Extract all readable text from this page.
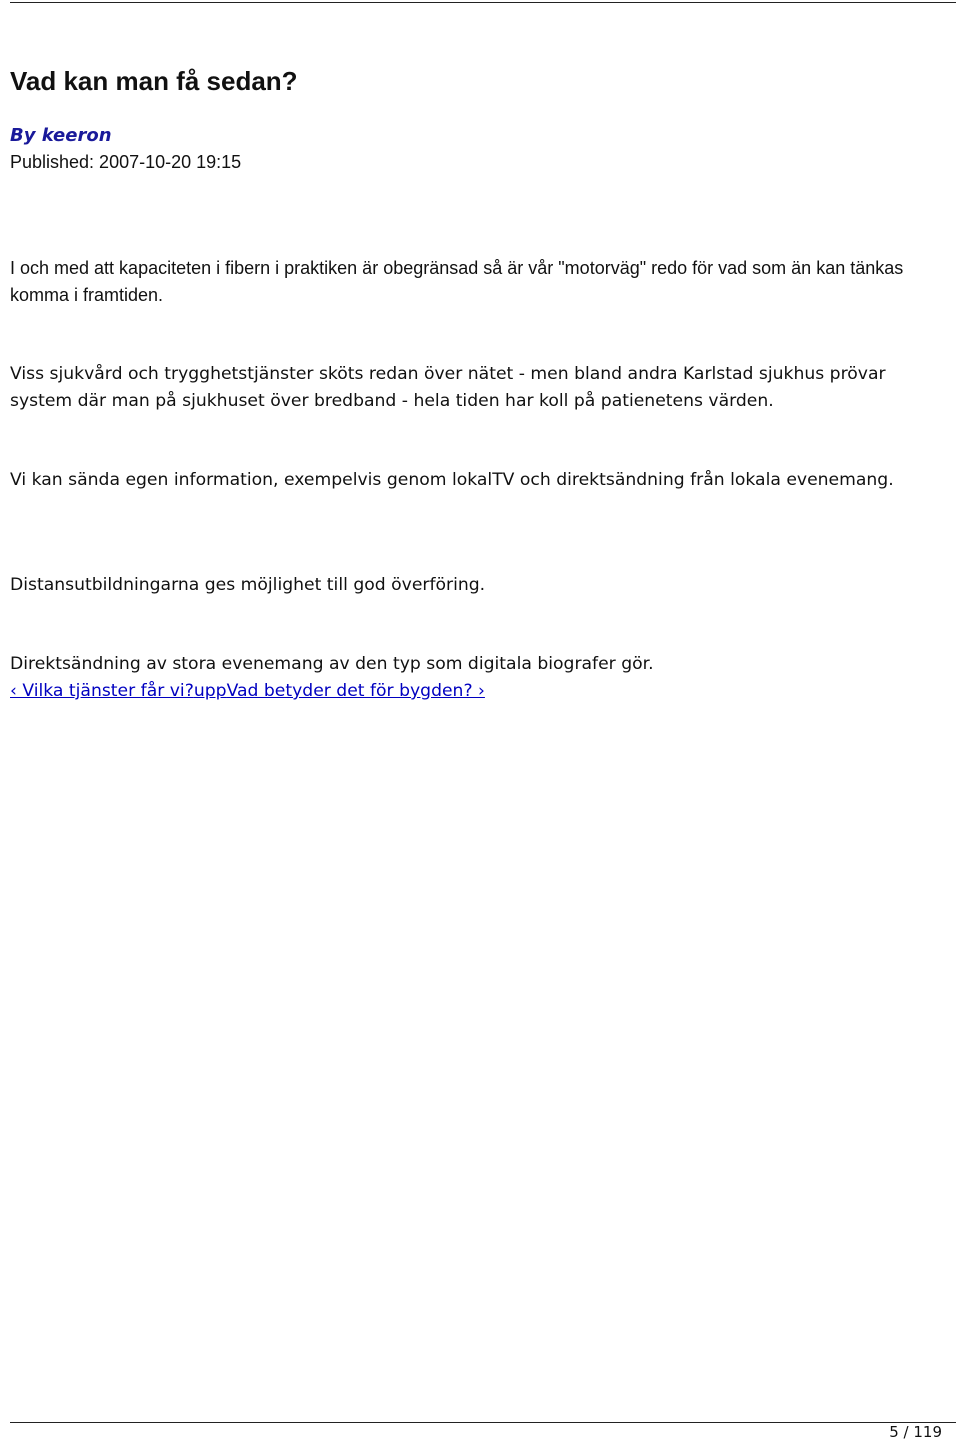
Vad kan man få sedan?
By keeron
Published: 2007-10-20 19:15

I och med att kapaciteten i fibern i praktiken är obegränsad så är vår "motorväg" redo för vad som än kan tänkas komma i framtiden.

Viss sjukvård och trygghetstjänster sköts redan över nätet - men bland andra Karlstad sjukhus prövar system där man på sjukhuset över bredband - hela tiden har koll på patienetens värden.

Vi kan sända egen information, exempelvis genom lokalTV och direktsändning från lokala evenemang.

Distansutbildningarna ges möjlighet till god överföring.

Direktsändning av stora evenemang av den typ som digitala biografer gör.

‹ Vilka tjänster får vi?uppVad betyder det för bygden? ›
5 / 119
